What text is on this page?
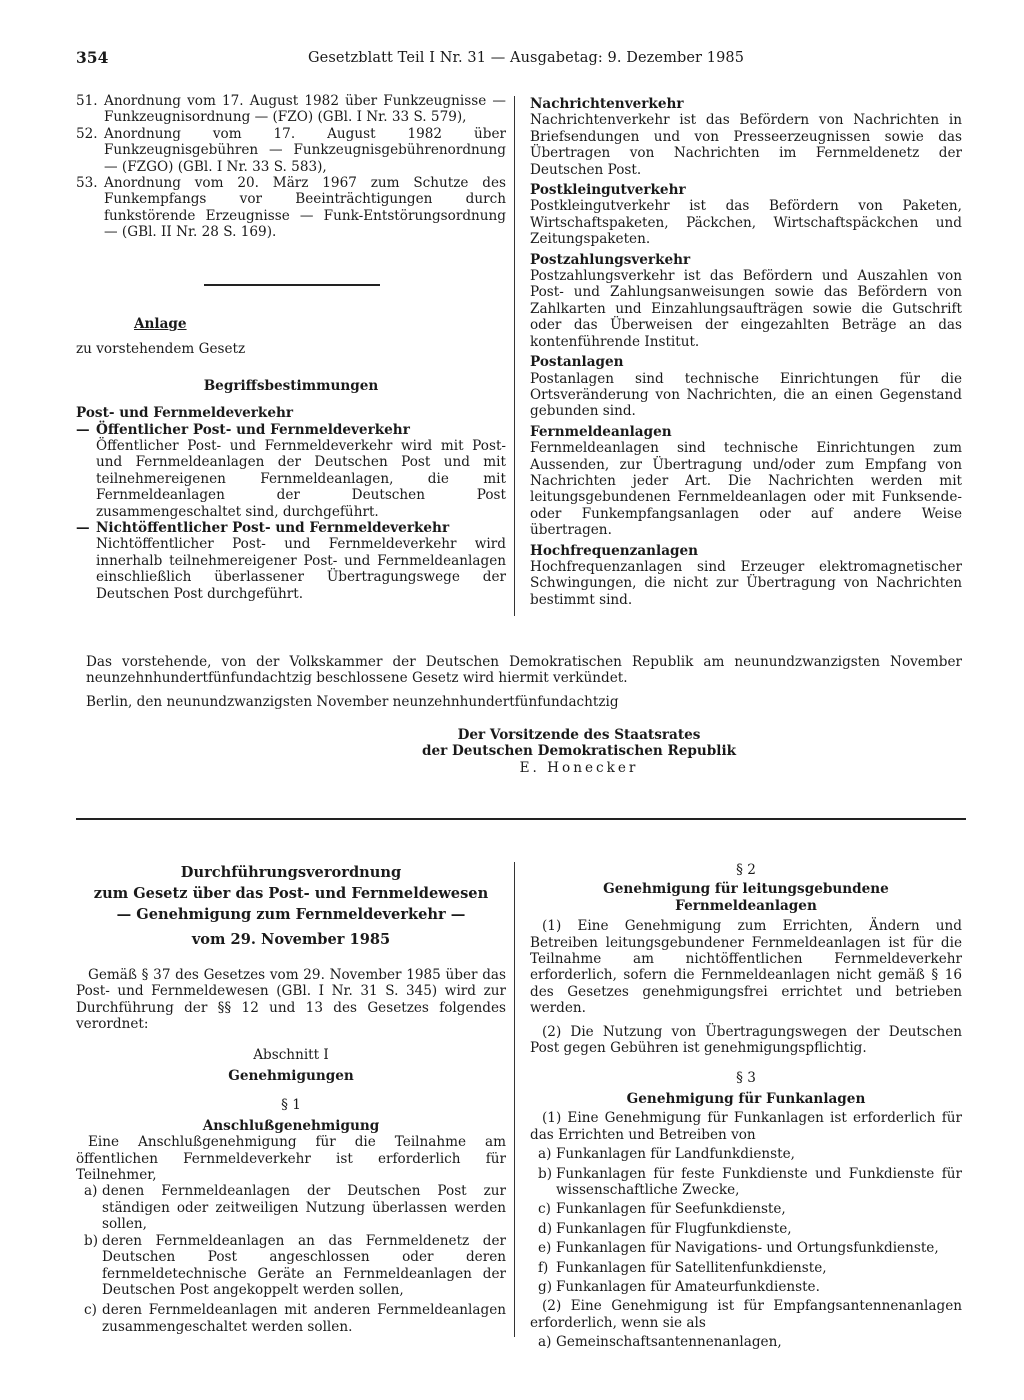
354	Gesetzblatt Teil I Nr. 31 — Ausgabetag: 9. Dezember 1985
51. Anordnung vom 17. August 1982 über Funkzeugnisse — Funkzeugnisordnung — (FZO) (GBl. I Nr. 33 S. 579),
52. Anordnung vom 17. August 1982 über Funkzeugnisgebühren — Funkzeugnisgebührenordnung — (FZGO) (GBl. I Nr. 33 S. 583),
53. Anordnung vom 20. März 1967 zum Schutze des Funkempfangs vor Beeinträchtigungen durch funkstörende Erzeugnisse — Funk-Entstörungsordnung — (GBl. II Nr. 28 S. 169).
Anlage
zu vorstehendem Gesetz
Begriffsbestimmungen
Post- und Fernmeldeverkehr
— Öffentlicher Post- und Fernmeldeverkehr
Öffentlicher Post- und Fernmeldeverkehr wird mit Post- und Fernmeldeanlagen der Deutschen Post und mit teilnehmereigenen Fernmeldeanlagen, die mit Fernmeldeanlagen der Deutschen Post zusammengeschaltet sind, durchgeführt.
— Nichtöffentlicher Post- und Fernmeldeverkehr
Nichtöffentlicher Post- und Fernmeldeverkehr wird innerhalb teilnehmereigener Post- und Fernmeldeanlagen einschließlich überlassener Übertragungswege der Deutschen Post durchgeführt.
Nachrichtenverkehr
Nachrichtenverkehr ist das Befördern von Nachrichten in Briefsendungen und von Presseerzeugnissen sowie das Übertragen von Nachrichten im Fernmeldenetz der Deutschen Post.
Postkleingutverkehr
Postkleingutverkehr ist das Befördern von Paketen, Wirtschaftspaketen, Päckchen, Wirtschaftspäckchen und Zeitungspaketen.
Postzahlungsverkehr
Postzahlungsverkehr ist das Befördern und Auszahlen von Post- und Zahlungsanweisungen sowie das Befördern von Zahlkarten und Einzahlungsaufträgen sowie die Gutschrift oder das Überweisen der eingezahlten Beträge an das kontenführende Institut.
Postanlagen
Postanlagen sind technische Einrichtungen für die Ortsveränderung von Nachrichten, die an einen Gegenstand gebunden sind.
Fernmeldeanlagen
Fernmeldeanlagen sind technische Einrichtungen zum Aussenden, zur Übertragung und/oder zum Empfang von Nachrichten jeder Art. Die Nachrichten werden mit leitungsgebundenen Fernmeldeanlagen oder mit Funksende- oder Funkempfangsanlagen oder auf andere Weise übertragen.
Hochfrequenzanlagen
Hochfrequenzanlagen sind Erzeuger elektromagnetischer Schwingungen, die nicht zur Übertragung von Nachrichten bestimmt sind.

Das vorstehende, von der Volkskammer der Deutschen Demokratischen Republik am neunundzwanzigsten November neunzehnhundertfünfundachtzig beschlossene Gesetz wird hiermit verkündet.

Berlin, den neunundzwanzigsten November neunzehnhundertfünfundachtzig

Der Vorsitzende des Staatsrates
der Deutschen Demokratischen Republik
E. Honecker
Durchführungsverordnung
zum Gesetz über das Post- und Fernmeldewesen
— Genehmigung zum Fernmeldeverkehr —
vom 29. November 1985

Gemäß § 37 des Gesetzes vom 29. November 1985 über das Post- und Fernmeldewesen (GBl. I Nr. 31 S. 345) wird zur Durchführung der §§ 12 und 13 des Gesetzes folgendes verordnet:

Abschnitt I
Genehmigungen
§ 1
Anschlußgenehmigung

Eine Anschlußgenehmigung für die Teilnahme am öffentlichen Fernmeldeverkehr ist erforderlich für Teilnehmer,

a) denen Fernmeldeanlagen der Deutschen Post zur ständigen oder zeitweiligen Nutzung überlassen werden sollen,
b) deren Fernmeldeanlagen an das Fernmeldenetz der Deutschen Post angeschlossen oder deren fernmeldetechnische Geräte an Fernmeldeanlagen der Deutschen Post angekoppelt werden sollen,
c) deren Fernmeldeanlagen mit anderen Fernmeldeanlagen zusammengeschaltet werden sollen.
§ 2
Genehmigung für leitungsgebundene Fernmeldeanlagen

(1) Eine Genehmigung zum Errichten, Ändern und Betreiben leitungsgebundener Fernmeldeanlagen ist für die Teilnahme am nichtöffentlichen Fernmeldeverkehr erforderlich, sofern die Fernmeldeanlagen nicht gemäß § 16 des Gesetzes genehmigungsfrei errichtet und betrieben werden.

(2) Die Nutzung von Übertragungswegen der Deutschen Post gegen Gebühren ist genehmigungspflichtig.

§ 3
Genehmigung für Funkanlagen

(1) Eine Genehmigung für Funkanlagen ist erforderlich für das Errichten und Betreiben von

a) Funkanlagen für Landfunkdienste,
b) Funkanlagen für feste Funkdienste und Funkdienste für wissenschaftliche Zwecke,
c) Funkanlagen für Seefunkdienste,
d) Funkanlagen für Flugfunkdienste,
e) Funkanlagen für Navigations- und Ortungsfunkdienste,
f) Funkanlagen für Satellitenfunkdienste,
g) Funkanlagen für Amateurfunkdienste.

(2) Eine Genehmigung ist für Empfangsantennenanlagen erforderlich, wenn sie als

a) Gemeinschaftsantennenanlagen,
